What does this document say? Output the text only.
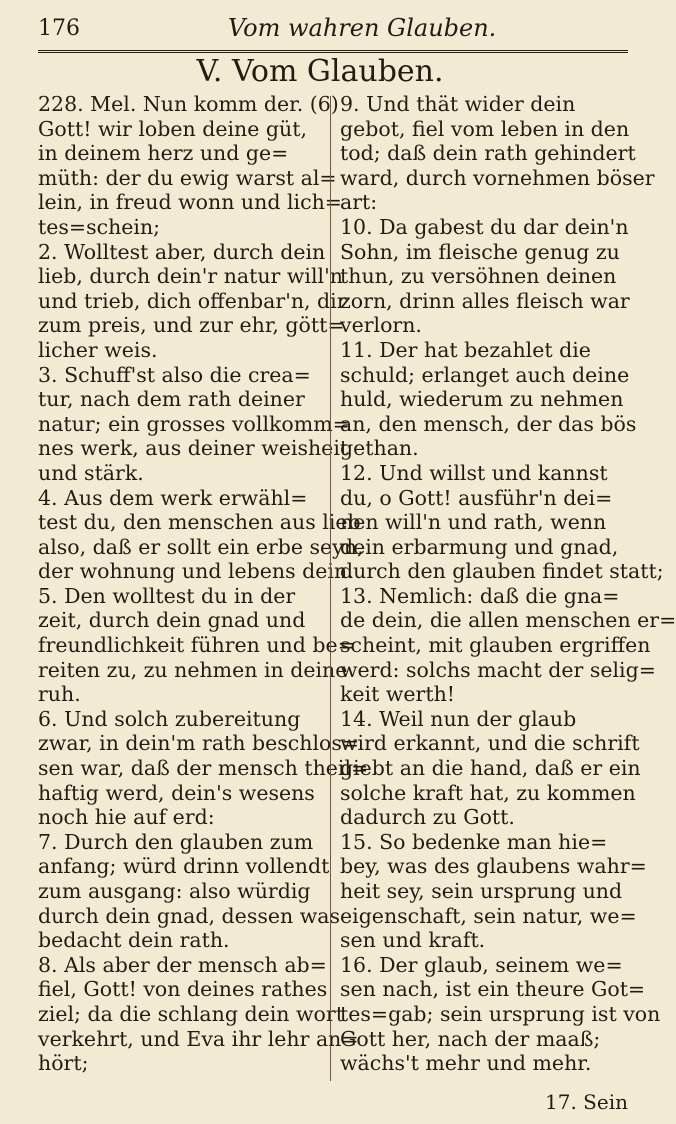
176	Vom wahren Glauben.
V. Vom Glauben.
228. Mel. Nun komm der. (6)
Gott! wir loben deine güt,
in deinem herz und ge=
müth: der du ewig warst al=
lein, in freud wonn und lich=
tes=schein;
2. Wolltest aber, durch dein
lieb, durch dein'r natur will'n
und trieb, dich offenbar'n, dir
zum preis, und zur ehr, gött=
licher weis.
3. Schuff'st also die crea=
tur, nach dem rath deiner
natur; ein grosses vollkomm=
nes werk, aus deiner weisheit
und stärk.
4. Aus dem werk erwähl=
test du, den menschen aus lieb
also, daß er sollt ein erbe seyn,
der wohnung und lebens dein.
5. Den wolltest du in der
zeit, durch dein gnad und
freundlichkeit führen und be=
reiten zu, zu nehmen in deine
ruh.
6. Und solch zubereitung
zwar, in dein'm rath beschlos=
sen war, daß der mensch theil=
haftig werd, dein's wesens
noch hie auf erd:
7. Durch den glauben zum
anfang; würd drinn vollendt
zum ausgang: also würdig
durch dein gnad, dessen was
bedacht dein rath.
8. Als aber der mensch ab=
fiel, Gott! von deines rathes
ziel; da die schlang dein wort
verkehrt, und Eva ihr lehr an=
hört;
9. Und thät wider dein
gebot, fiel vom leben in den
tod; daß dein rath gehindert
ward, durch vornehmen böser
art:
10. Da gabest du dar dein'n
Sohn, im fleische genug zu
thun, zu versöhnen deinen
zorn, drinn alles fleisch war
verlorn.
11. Der hat bezahlet die
schuld; erlanget auch deine
huld, wiederum zu nehmen
an, den mensch, der das bös
gethan.
12. Und willst und kannst
du, o Gott! ausführ'n dei=
nen will'n und rath, wenn
dein erbarmung und gnad,
durch den glauben findet statt;
13. Nemlich: daß die gna=
de dein, die allen menschen er=
scheint, mit glauben ergriffen
werd: solchs macht der selig=
keit werth!
14. Weil nun der glaub
wird erkannt, und die schrift
giebt an die hand, daß er ein
solche kraft hat, zu kommen
dadurch zu Gott.
15. So bedenke man hie=
bey, was des glaubens wahr=
heit sey, sein ursprung und
eigenschaft, sein natur, we=
sen und kraft.
16. Der glaub, seinem we=
sen nach, ist ein theure Got=
tes=gab; sein ursprung ist von
Gott her, nach der maaß;
wächs't mehr und mehr.
17. Sein
